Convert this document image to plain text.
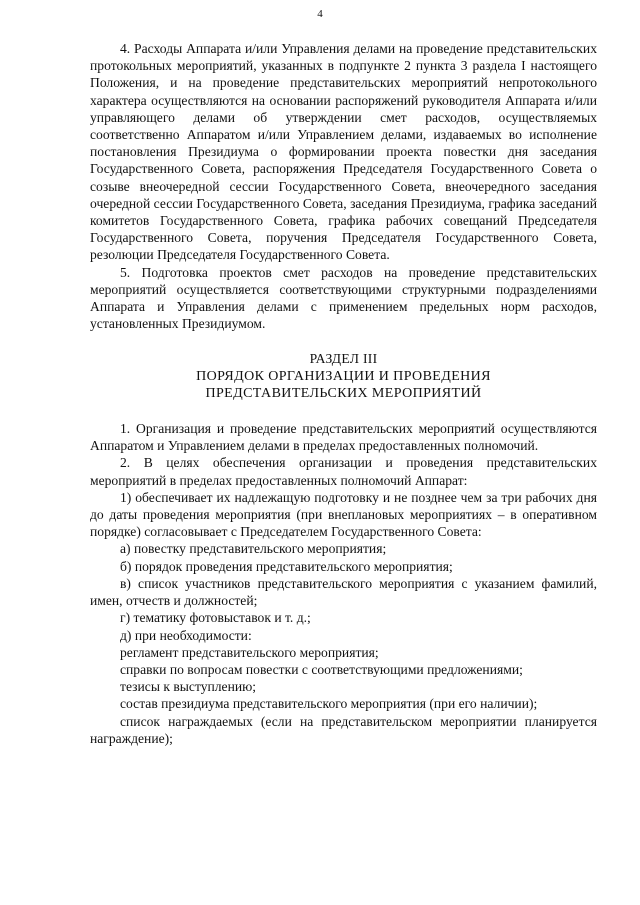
4

4. Расходы Аппарата и/или Управления делами на проведение представительских протокольных мероприятий, указанных в подпункте 2 пункта 3 раздела I настоящего Положения, и на проведение представительских мероприятий непротокольного характера осуществляются на основании распоряжений руководителя Аппарата и/или управляющего делами об утверждении смет расходов, осуществляемых соответственно Аппаратом и/или Управлением делами, издаваемых во исполнение постановления Президиума о формировании проекта повестки дня заседания Государственного Совета, распоряжения Председателя Государственного Совета о созыве внеочередной сессии Государственного Совета, внеочередного заседания очередной сессии Государственного Совета, заседания Президиума, графика заседаний комитетов Государственного Совета, графика рабочих совещаний Председателя Государственного Совета, поручения Председателя Государственного Совета, резолюции Председателя Государственного Совета.

5. Подготовка проектов смет расходов на проведение представительских мероприятий осуществляется соответствующими структурными подразделениями Аппарата и Управления делами с применением предельных норм расходов, установленных Президиумом.

РАЗДЕЛ III
ПОРЯДОК ОРГАНИЗАЦИИ И ПРОВЕДЕНИЯ
ПРЕДСТАВИТЕЛЬСКИХ МЕРОПРИЯТИЙ

1. Организация и проведение представительских мероприятий осуществляются Аппаратом и Управлением делами в пределах предоставленных полномочий.

2. В целях обеспечения организации и проведения представительских мероприятий в пределах предоставленных полномочий Аппарат:

1) обеспечивает их надлежащую подготовку и не позднее чем за три рабочих дня до даты проведения мероприятия (при внеплановых мероприятиях – в оперативном порядке) согласовывает с Председателем Государственного Совета:

а) повестку представительского мероприятия;

б) порядок проведения представительского мероприятия;

в) список участников представительского мероприятия с указанием фамилий, имен, отчеств и должностей;

г) тематику фотовыставок и т. д.;

д) при необходимости:

регламент представительского мероприятия;

справки по вопросам повестки с соответствующими предложениями;

тезисы к выступлению;

состав президиума представительского мероприятия (при его наличии);

список награждаемых (если на представительском мероприятии планируется награждение);
